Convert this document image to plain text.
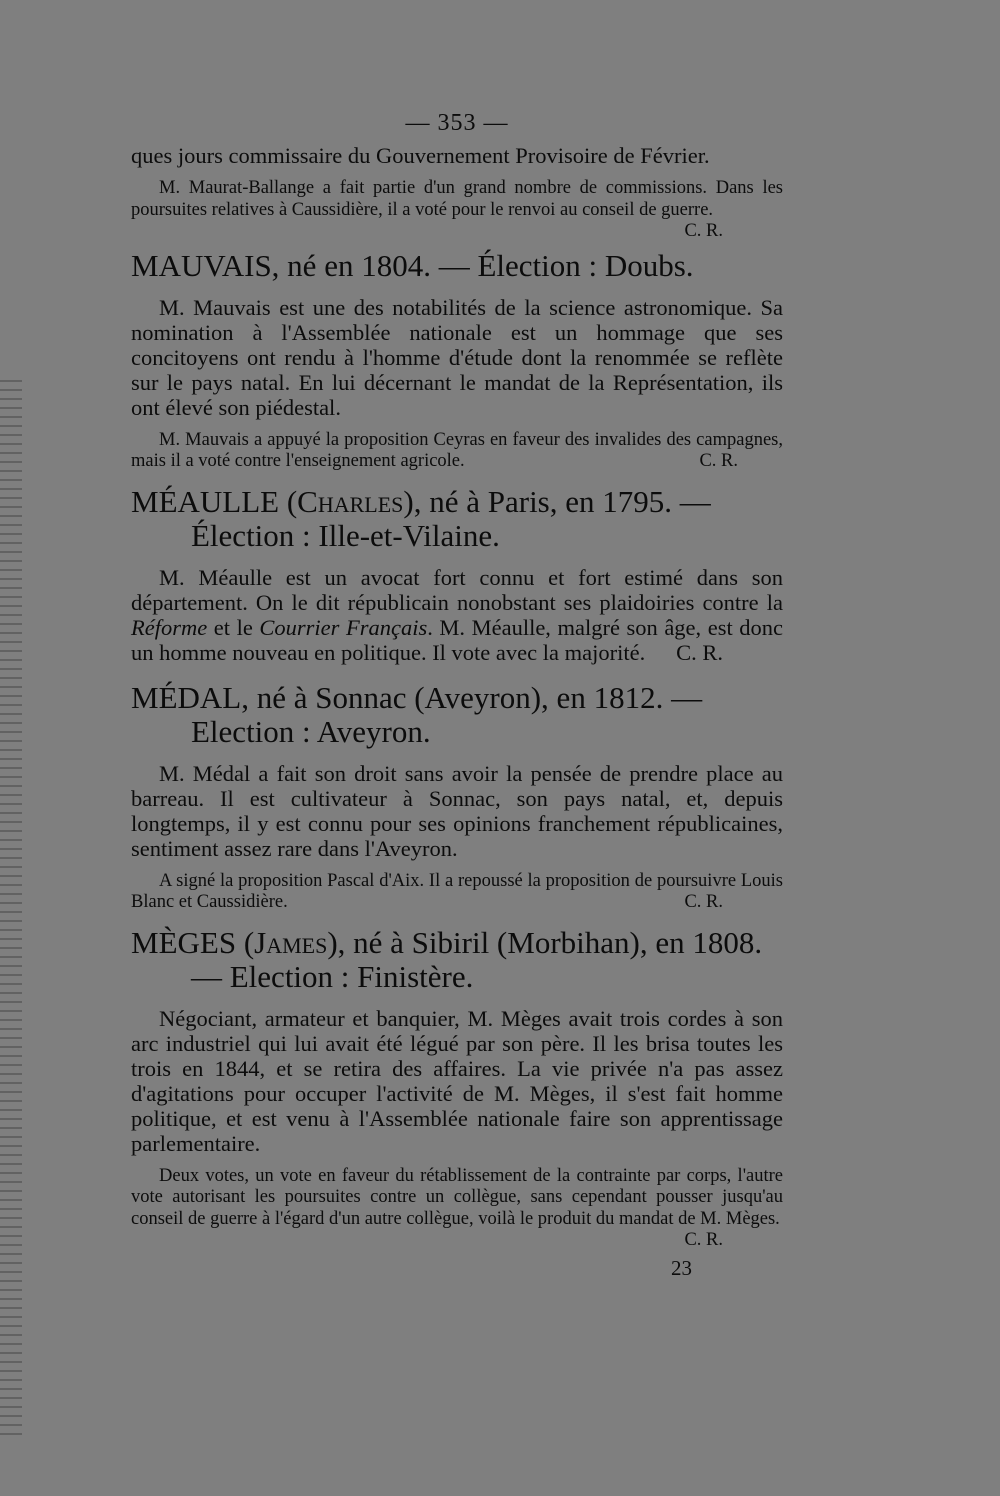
— 353 —

ques jours commissaire du Gouvernement Provisoire de Février.

M. Maurat-Ballange a fait partie d'un grand nombre de commissions. Dans les poursuites relatives à Caussidière, il a voté pour le renvoi au conseil de guerre.
C. R.

MAUVAIS, né en 1804. — Élection : Doubs.

M. Mauvais est une des notabilités de la science astronomique. Sa nomination à l'Assemblée nationale est un hommage que ses concitoyens ont rendu à l'homme d'étude dont la renommée se reflète sur le pays natal. En lui décernant le mandat de la Représentation, ils ont élevé son piédestal.

M. Mauvais a appuyé la proposition Ceyras en faveur des invalides des campagnes, mais il a voté contre l'enseignement agricole.	C. R.

MÉAULLE (Charles), né à Paris, en 1795. — Élection : Ille-et-Vilaine.

M. Méaulle est un avocat fort connu et fort estimé dans son département. On le dit républicain nonobstant ses plaidoiries contre la Réforme et le Courrier Français. M. Méaulle, malgré son âge, est donc un homme nouveau en politique. Il vote avec la majorité.	C. R.

MÉDAL, né à Sonnac (Aveyron), en 1812. — Election : Aveyron.

M. Médal a fait son droit sans avoir la pensée de prendre place au barreau. Il est cultivateur à Sonnac, son pays natal, et, depuis longtemps, il y est connu pour ses opinions franchement républicaines, sentiment assez rare dans l'Aveyron.

A signé la proposition Pascal d'Aix. Il a repoussé la proposition de poursuivre Louis Blanc et Caussidière.	C. R.

MÈGES (James), né à Sibiril (Morbihan), en 1808. — Election : Finistère.

Négociant, armateur et banquier, M. Mèges avait trois cordes à son arc industriel qui lui avait été légué par son père. Il les brisa toutes les trois en 1844, et se retira des affaires. La vie privée n'a pas assez d'agitations pour occuper l'activité de M. Mèges, il s'est fait homme politique, et est venu à l'Assemblée nationale faire son apprentissage parlementaire.

Deux votes, un vote en faveur du rétablissement de la contrainte par corps, l'autre vote autorisant les poursuites contre un collègue, sans cependant pousser jusqu'au conseil de guerre à l'égard d'un autre collègue, voilà le produit du mandat de M. Mèges.
C. R.

23
